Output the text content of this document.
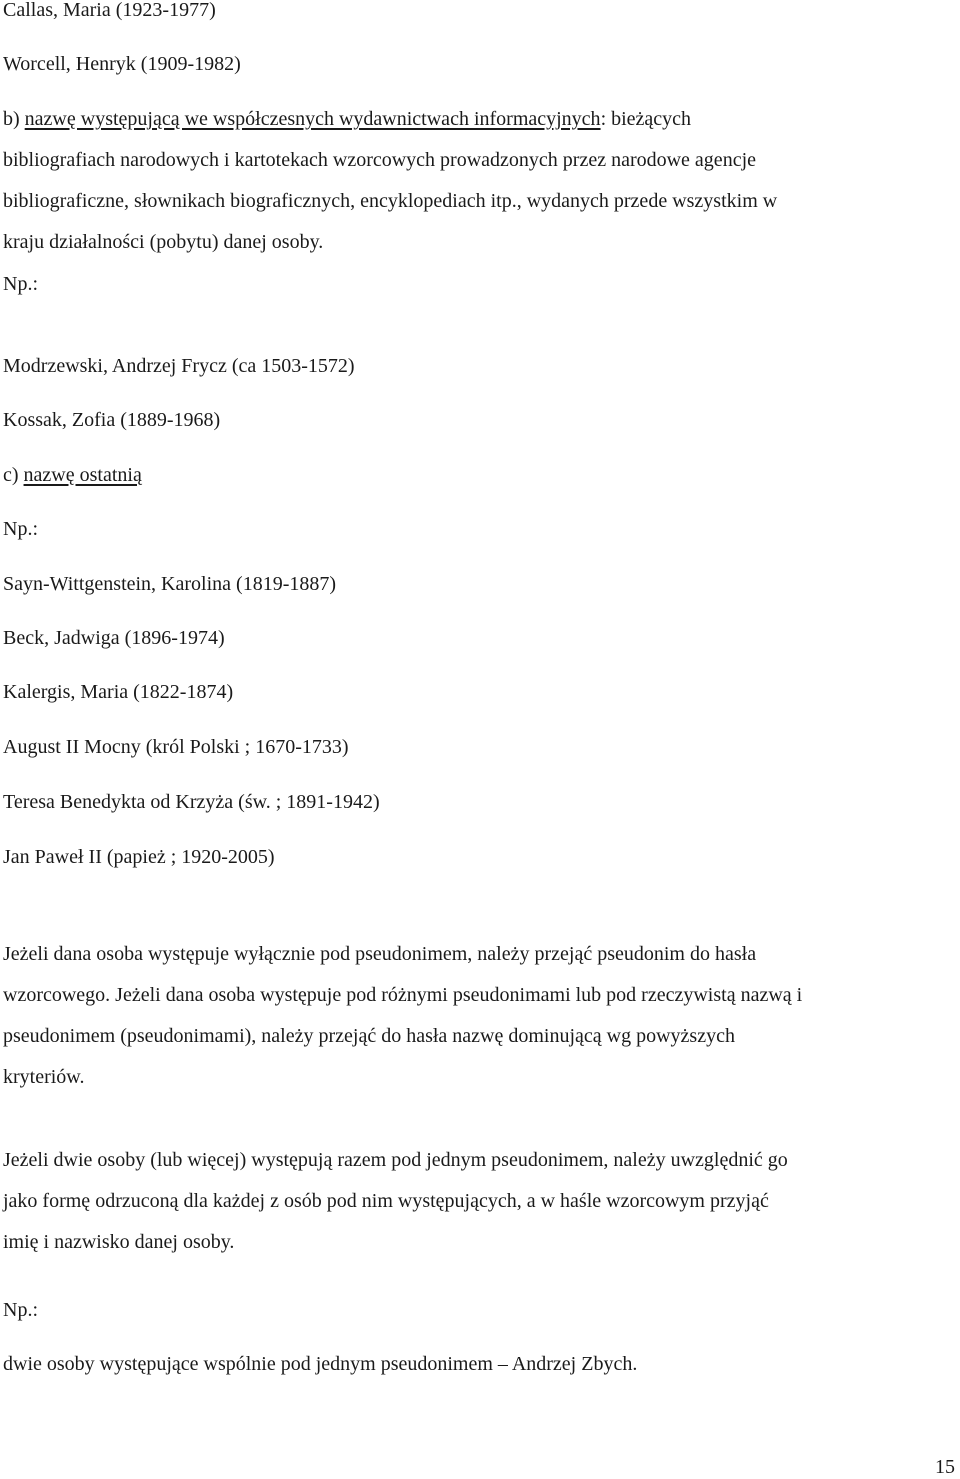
Callas, Maria (1923-1977)

Worcell, Henryk (1909-1982)

b) nazwę występującą we współczesnych wydawnictwach informacyjnych: bieżących

bibliografiach narodowych i kartotekach wzorcowych prowadzonych przez narodowe agencje

bibliograficzne, słownikach biograficznych, encyklopediach itp., wydanych przede wszystkim w

kraju działalności (pobytu) danej osoby.

Np.:

Modrzewski, Andrzej Frycz (ca 1503-1572)

Kossak, Zofia (1889-1968)

c) nazwę ostatnią

Np.:

Sayn-Wittgenstein, Karolina (1819-1887)

Beck, Jadwiga (1896-1974)

Kalergis, Maria (1822-1874)

August II Mocny (król Polski ; 1670-1733)

Teresa Benedykta od Krzyża (św. ; 1891-1942)

Jan Paweł II (papież ; 1920-2005)

Jeżeli dana osoba występuje wyłącznie pod pseudonimem, należy przejąć pseudonim do hasła

wzorcowego. Jeżeli dana osoba występuje pod różnymi pseudonimami lub pod rzeczywistą nazwą i

pseudonimem (pseudonimami), należy przejąć do hasła nazwę dominującą wg powyższych

kryteriów.

Jeżeli dwie osoby (lub więcej) występują razem pod jednym pseudonimem, należy uwzględnić go

jako formę odrzuconą dla każdej z osób pod nim występujących, a w haśle wzorcowym przyjąć

imię i nazwisko danej osoby.

Np.:

dwie osoby występujące wspólnie pod jednym pseudonimem – Andrzej Zbych.

15
